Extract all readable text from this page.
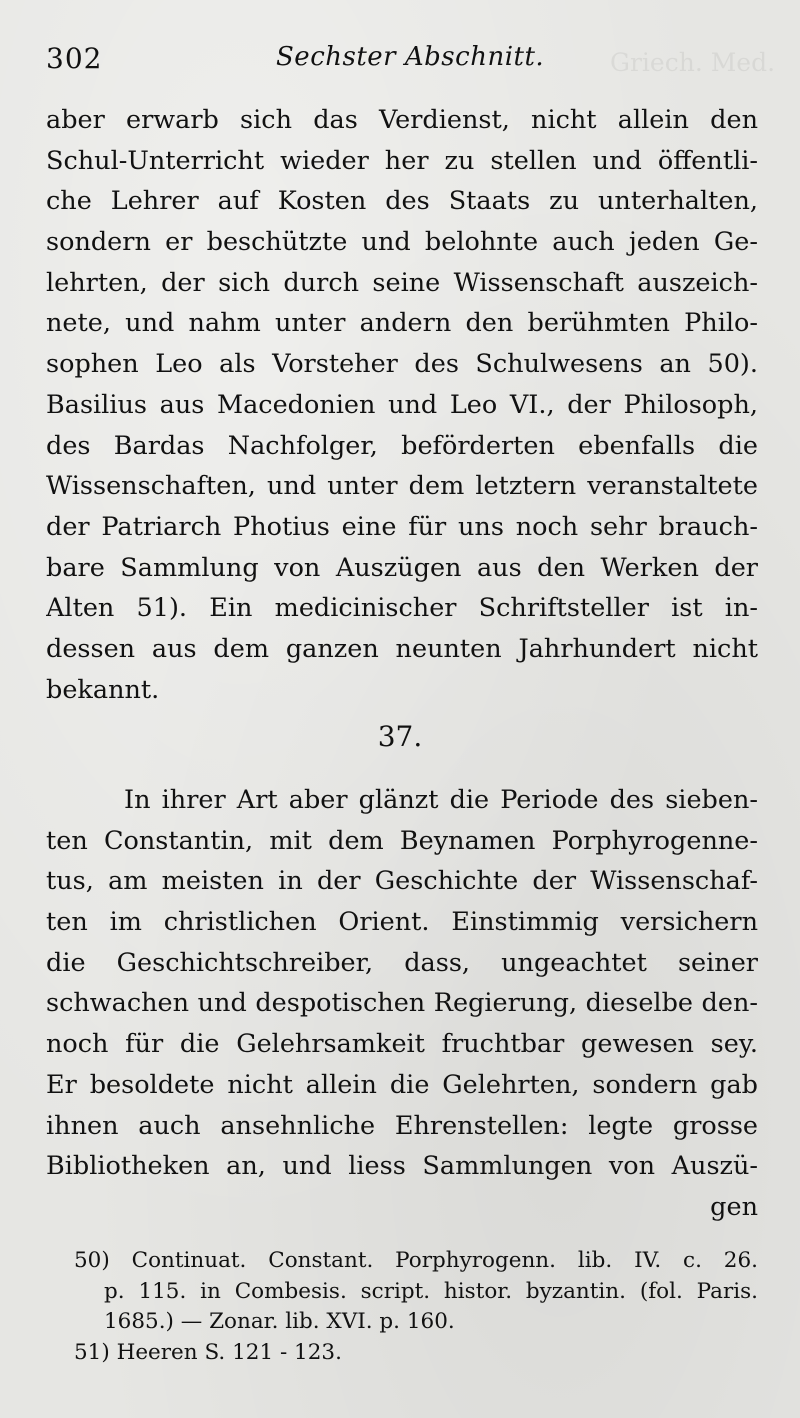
Griech. Med.
302	Sechster Abschnitt.
aber erwarb sich das Verdienst, nicht allein den
Schul-Unterricht wieder her zu stellen und öffentli-
che Lehrer auf Kosten des Staats zu unterhalten,
sondern er beschützte und belohnte auch jeden Ge-
lehrten, der sich durch seine Wissenschaft auszeich-
nete, und nahm unter andern den berühmten Philo-
sophen Leo als Vorsteher des Schulwesens an 50).
Basilius aus Macedonien und Leo VI., der Philosoph,
des Bardas Nachfolger, beförderten ebenfalls die
Wissenschaften, und unter dem letztern veranstaltete
der Patriarch Photius eine für uns noch sehr brauch-
bare Sammlung von Auszügen aus den Werken der
Alten 51). Ein medicinischer Schriftsteller ist in-
dessen aus dem ganzen neunten Jahrhundert nicht
bekannt.
37.
In ihrer Art aber glänzt die Periode des sieben-
ten Constantin, mit dem Beynamen Porphyrogenne-
tus, am meisten in der Geschichte der Wissenschaf-
ten im christlichen Orient. Einstimmig versichern
die Geschichtschreiber, dass, ungeachtet seiner
schwachen und despotischen Regierung, dieselbe den-
noch für die Gelehrsamkeit fruchtbar gewesen sey.
Er besoldete nicht allein die Gelehrten, sondern gab
ihnen auch ansehnliche Ehrenstellen: legte grosse
Bibliotheken an, und liess Sammlungen von Auszü-
gen
50) Continuat. Constant. Porphyrogenn. lib. IV. c. 26.
p. 115. in Combesis. script. histor. byzantin. (fol. Paris.
1685.) — Zonar. lib. XVI. p. 160.
51) Heeren S. 121 - 123.
